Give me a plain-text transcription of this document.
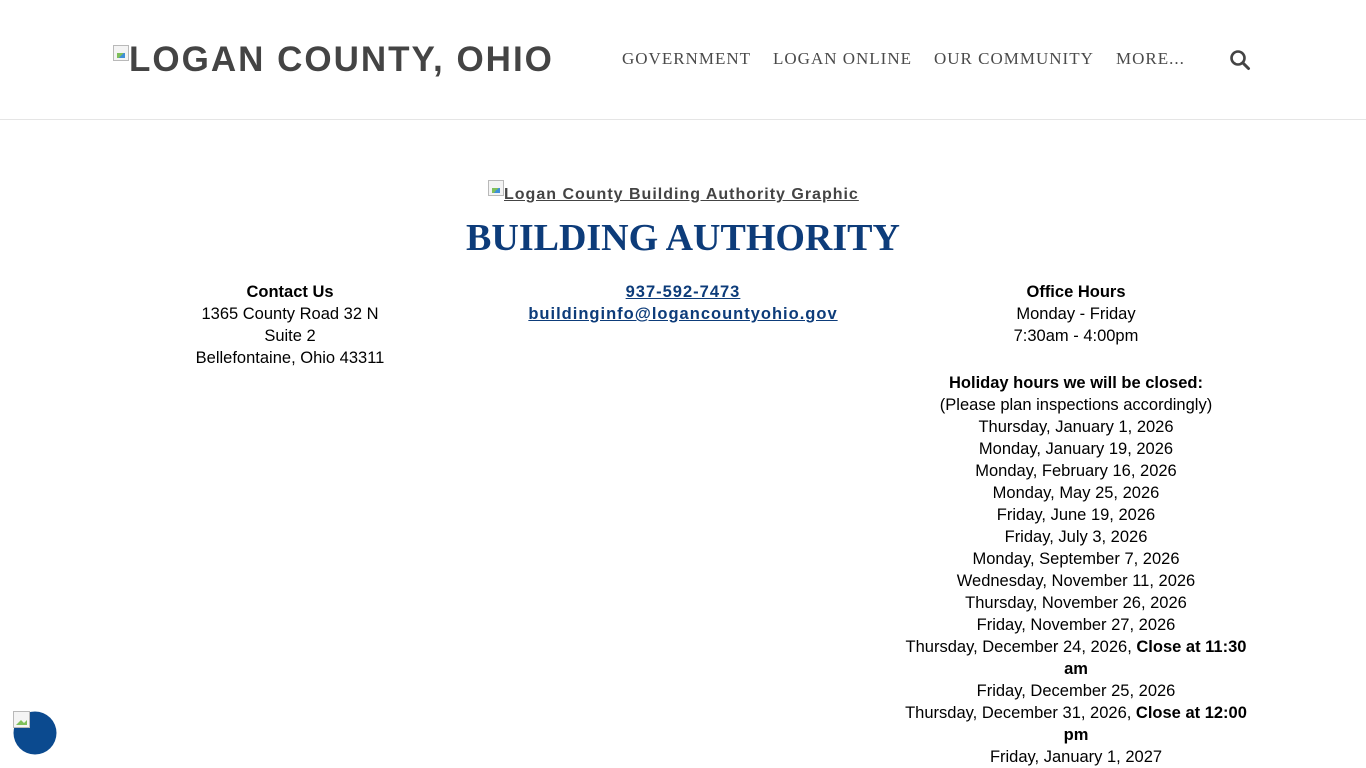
LOGAN COUNTY, OHIO	GOVERNMENT LOGAN ONLINE OUR COMMUNITY MORE...
Logan County Building Authority Graphic
BUILDING AUTHORITY
Contact Us
1365 County Road 32 N
Suite 2
Bellefontaine, Ohio 43311
937-592-7473
buildinginfo@logancountyohio.gov
Office Hours
Monday - Friday
7:30am - 4:00pm
Holiday hours we will be closed:
(Please plan inspections accordingly)
Thursday, January 1, 2026
Monday, January 19, 2026
Monday, February 16, 2026
Monday, May 25, 2026
Friday, June 19, 2026
Friday, July 3, 2026
Monday, September 7, 2026
Wednesday, November 11, 2026
Thursday, November 26, 2026
Friday, November 27, 2026
Thursday, December 24, 2026, Close at 11:30 am
Friday, December 25, 2026
Thursday, December 31, 2026, Close at 12:00 pm
Friday, January 1, 2027
